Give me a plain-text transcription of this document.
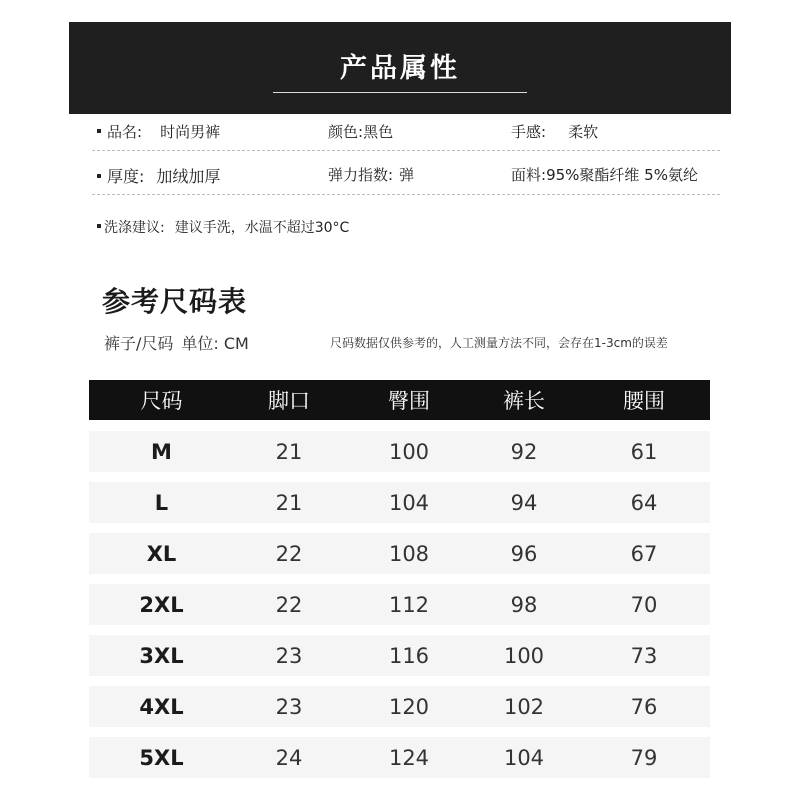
产品属性
品名: 时尚男裤	颜色:黑色	手感: 柔软
厚度: 加绒加厚	弹力指数: 弹	面料:95%聚酯纤维 5%氨纶
洗涤建议: 建议手洗，水温不超过30°C
参考尺码表
裤子/尺码 单位: CM	尺码数据仅供参考的，人工测量方法不同，会存在1-3cm的误差
尺码	脚口	臀围	裤长	腰围
M	21	100	92	61
L	21	104	94	64
XL	22	108	96	67
2XL	22	112	98	70
3XL	23	116	100	73
4XL	23	120	102	76
5XL	24	124	104	79
